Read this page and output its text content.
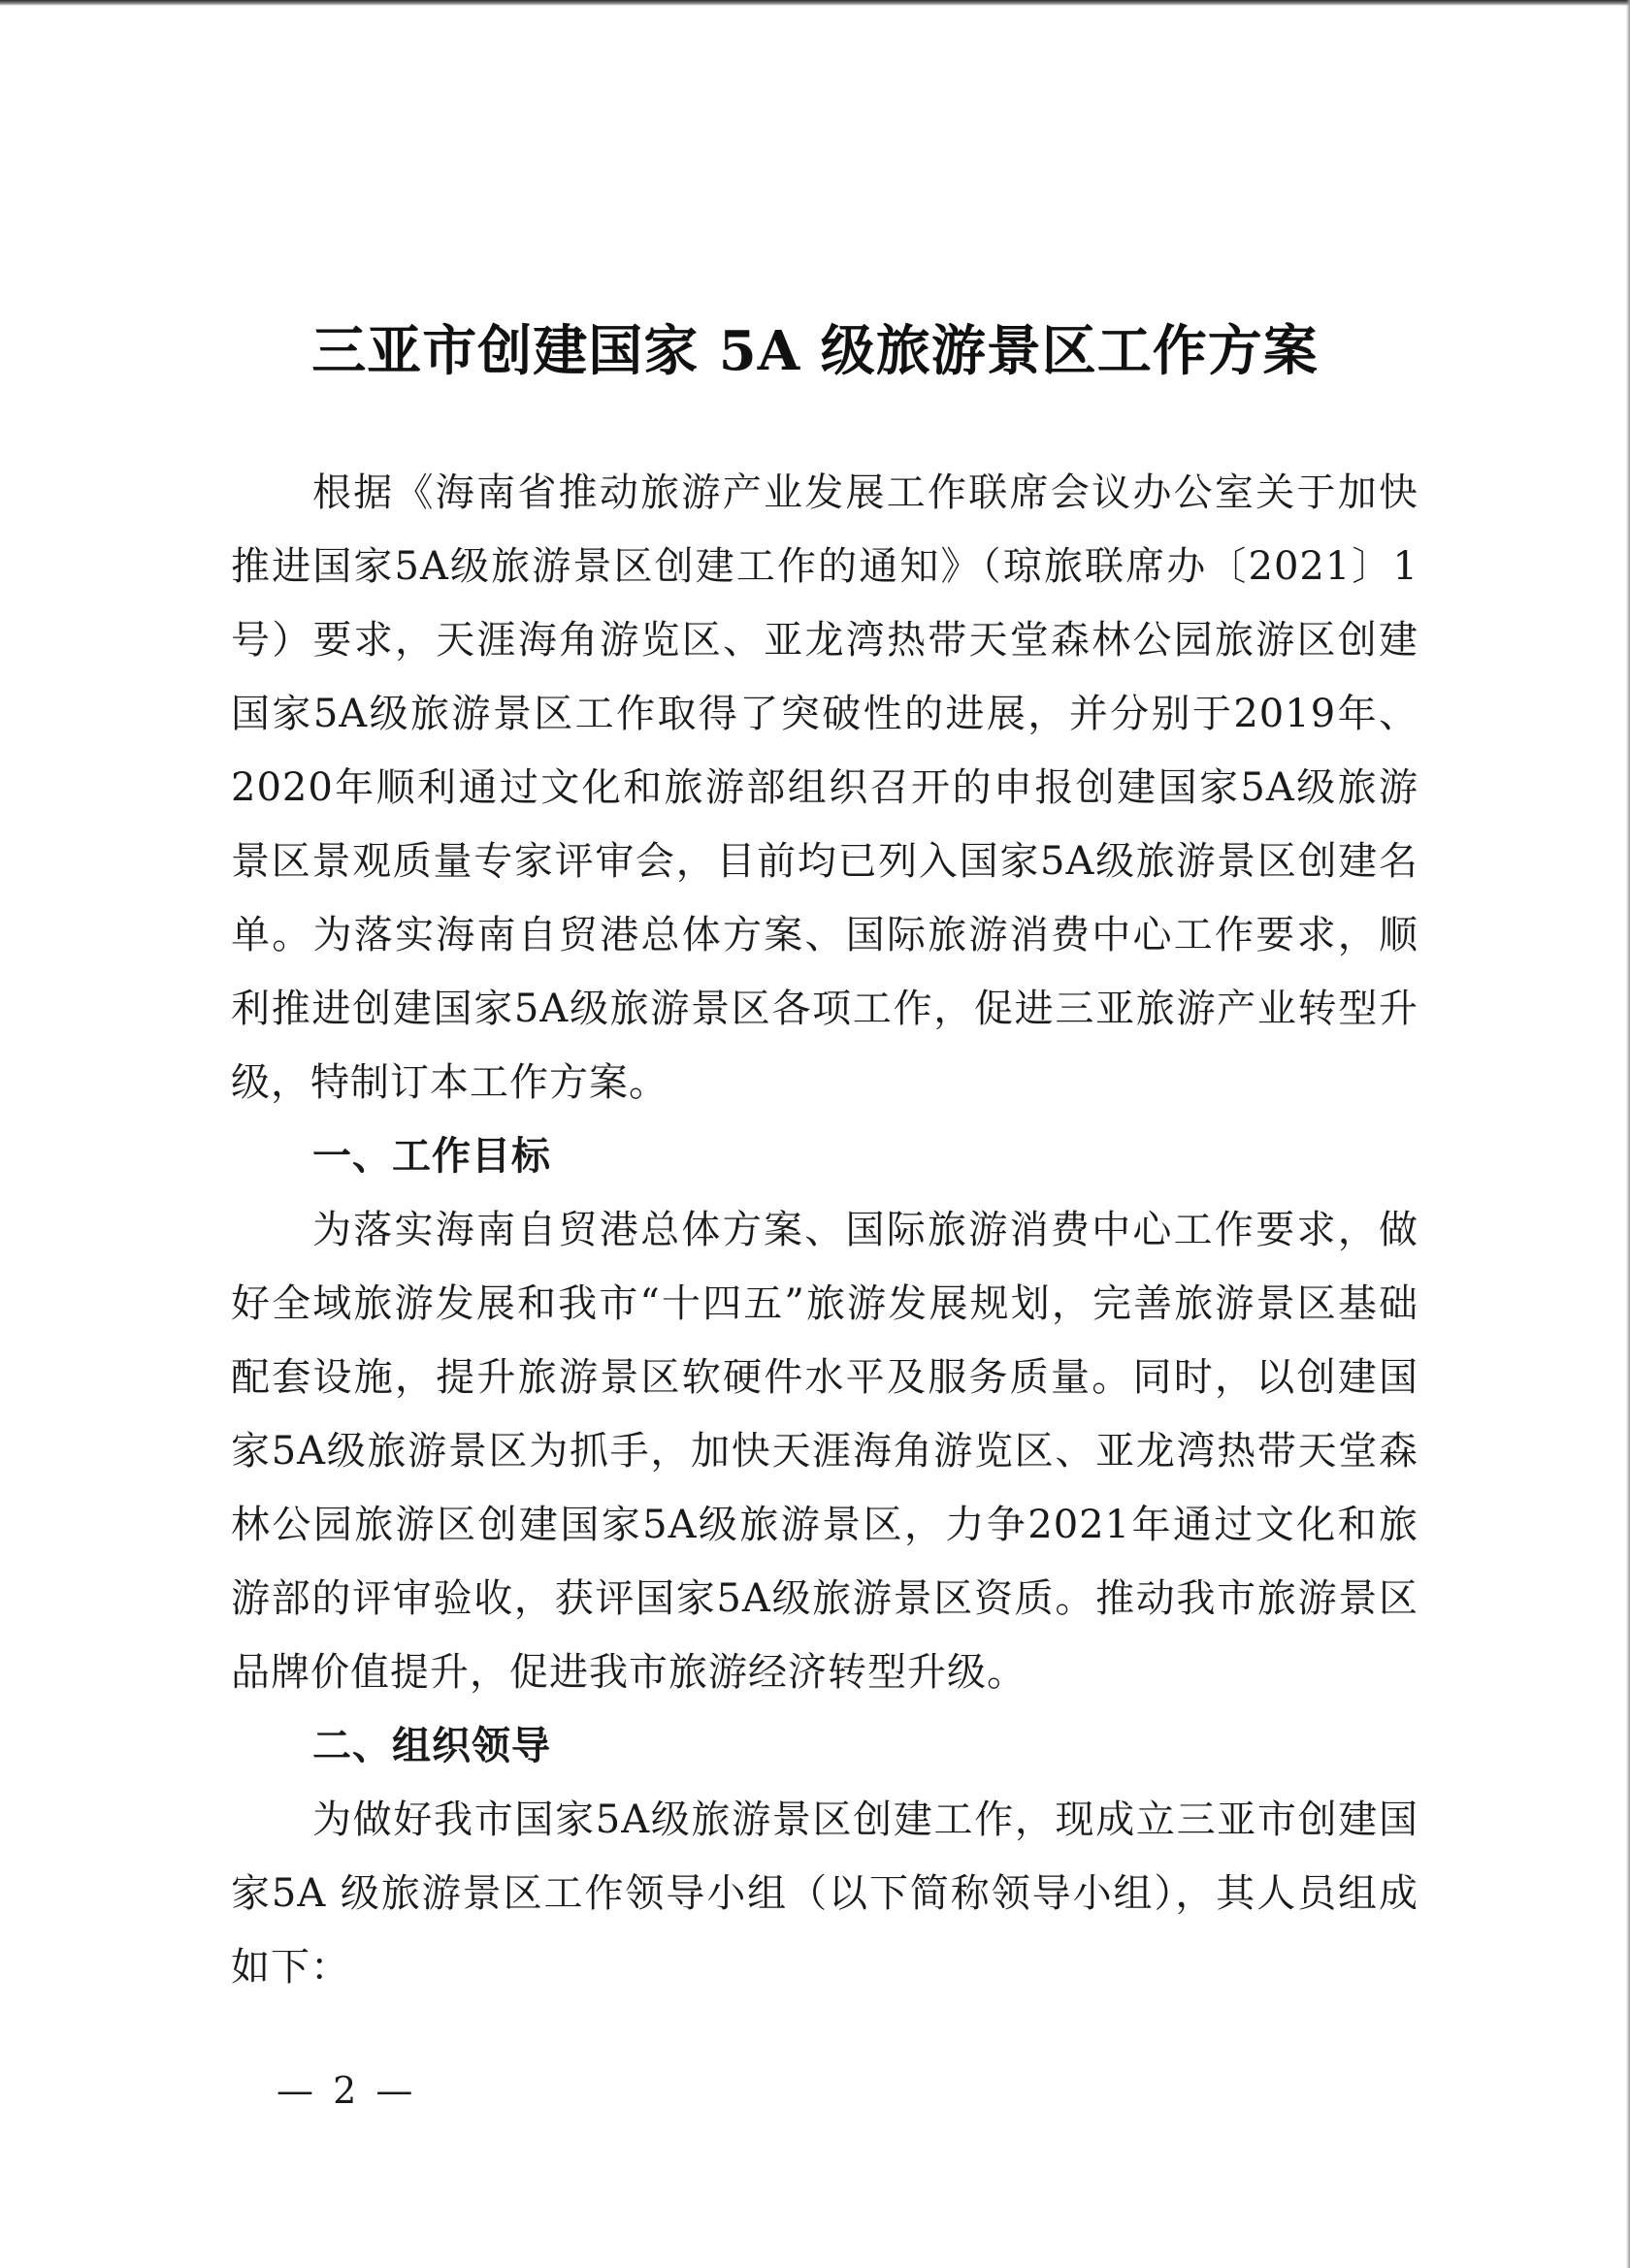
三亚市创建国家 5A 级旅游景区工作方案

根据《海南省推动旅游产业发展工作联席会议办公室关于加快推进国家5A级旅游景区创建工作的通知》（琼旅联席办〔2021〕1号）要求，天涯海角游览区、亚龙湾热带天堂森林公园旅游区创建国家5A级旅游景区工作取得了突破性的进展，并分别于2019年、2020年顺利通过文化和旅游部组织召开的申报创建国家5A级旅游景区景观质量专家评审会，目前均已列入国家5A级旅游景区创建名单。为落实海南自贸港总体方案、国际旅游消费中心工作要求，顺利推进创建国家5A级旅游景区各项工作，促进三亚旅游产业转型升级，特制订本工作方案。

一、工作目标

为落实海南自贸港总体方案、国际旅游消费中心工作要求，做好全域旅游发展和我市“十四五”旅游发展规划，完善旅游景区基础配套设施，提升旅游景区软硬件水平及服务质量。同时，以创建国家5A级旅游景区为抓手，加快天涯海角游览区、亚龙湾热带天堂森林公园旅游区创建国家5A级旅游景区，力争2021年通过文化和旅游部的评审验收，获评国家5A级旅游景区资质。推动我市旅游景区品牌价值提升，促进我市旅游经济转型升级。

二、组织领导

为做好我市国家5A级旅游景区创建工作，现成立三亚市创建国家5A 级旅游景区工作领导小组（以下简称领导小组），其人员组成如下：

— 2 —
